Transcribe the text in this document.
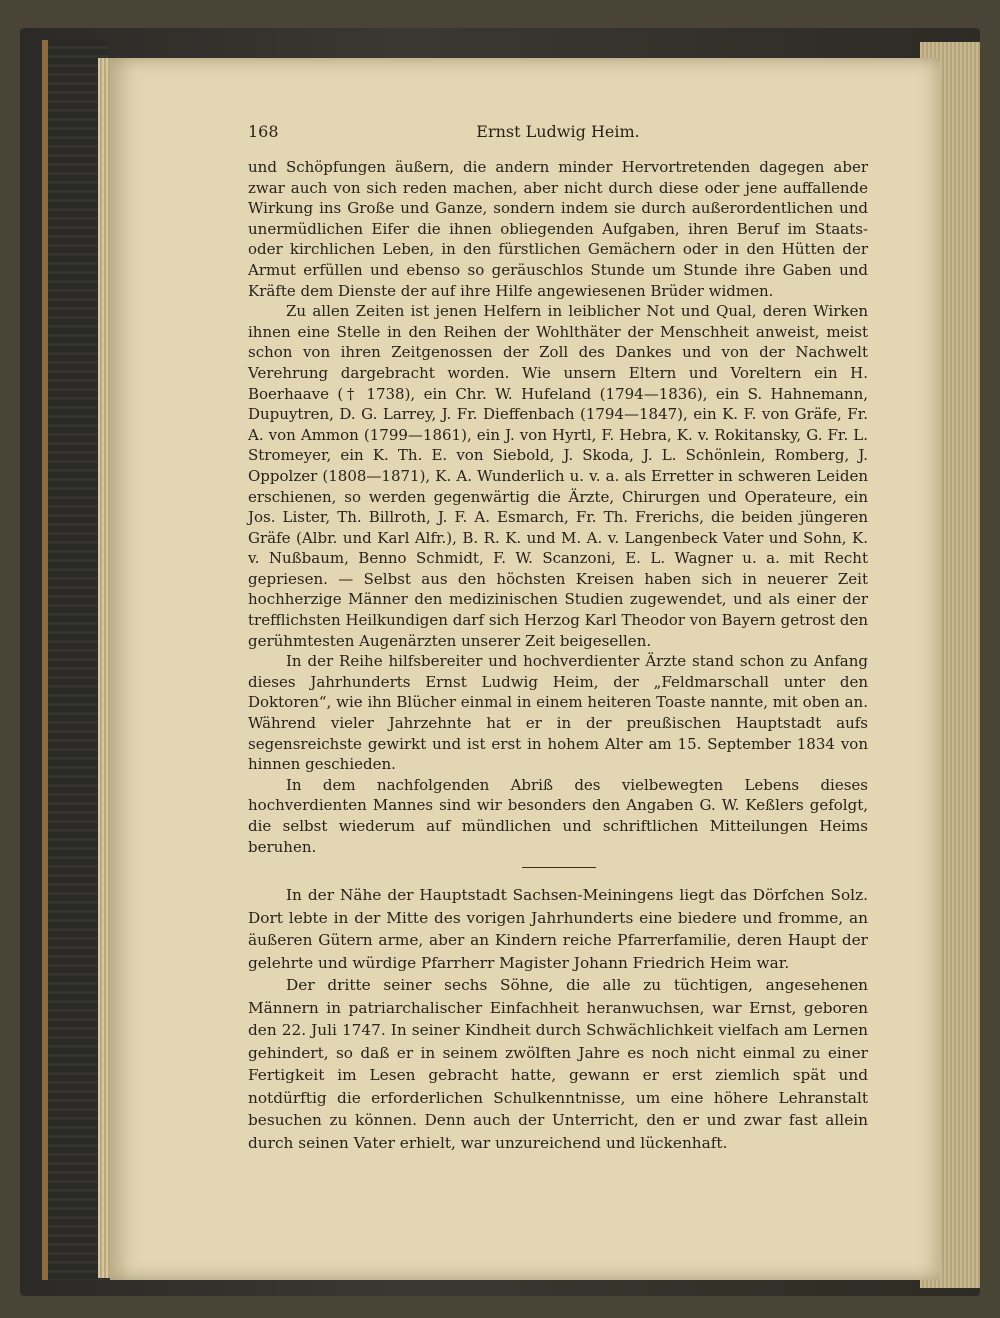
168	Ernst Ludwig Heim.

und Schöpfungen äußern, die andern minder Hervortretenden dagegen aber zwar auch von sich reden machen, aber nicht durch diese oder jene auffallende Wirkung ins Große und Ganze, sondern indem sie durch außerordentlichen und unermüdlichen Eifer die ihnen obliegenden Aufgaben, ihren Beruf im Staats- oder kirchlichen Leben, in den fürstlichen Gemächern oder in den Hütten der Armut erfüllen und ebenso so geräuschlos Stunde um Stunde ihre Gaben und Kräfte dem Dienste der auf ihre Hilfe angewiesenen Brüder widmen.

Zu allen Zeiten ist jenen Helfern in leiblicher Not und Qual, deren Wirken ihnen eine Stelle in den Reihen der Wohlthäter der Menschheit anweist, meist schon von ihren Zeitgenossen der Zoll des Dankes und von der Nachwelt Verehrung dargebracht worden. Wie unsern Eltern und Voreltern ein H. Boerhaave († 1738), ein Chr. W. Hufeland (1794—1836), ein S. Hahnemann, Dupuytren, D. G. Larrey, J. Fr. Dieffenbach (1794—1847), ein K. F. von Gräfe, Fr. A. von Ammon (1799—1861), ein J. von Hyrtl, F. Hebra, K. v. Rokitansky, G. Fr. L. Stromeyer, ein K. Th. E. von Siebold, J. Skoda, J. L. Schönlein, Romberg, J. Oppolzer (1808—1871), K. A. Wunderlich u. v. a. als Erretter in schweren Leiden erschienen, so werden gegenwärtig die Ärzte, Chirurgen und Operateure, ein Jos. Lister, Th. Billroth, J. F. A. Esmarch, Fr. Th. Frerichs, die beiden jüngeren Gräfe (Albr. und Karl Alfr.), B. R. K. und M. A. v. Langenbeck Vater und Sohn, K. v. Nußbaum, Benno Schmidt, F. W. Scanzoni, E. L. Wagner u. a. mit Recht gepriesen. — Selbst aus den höchsten Kreisen haben sich in neuerer Zeit hochherzige Männer den medizinischen Studien zugewendet, und als einer der trefflichsten Heilkundigen darf sich Herzog Karl Theodor von Bayern getrost den gerühmtesten Augenärzten unserer Zeit beigesellen.

In der Reihe hilfsbereiter und hochverdienter Ärzte stand schon zu Anfang dieses Jahrhunderts Ernst Ludwig Heim, der „Feldmarschall unter den Doktoren“, wie ihn Blücher einmal in einem heiteren Toaste nannte, mit oben an. Während vieler Jahrzehnte hat er in der preußischen Hauptstadt aufs segensreichste gewirkt und ist erst in hohem Alter am 15. September 1834 von hinnen geschieden.

In dem nachfolgenden Abriß des vielbewegten Lebens dieses hochverdienten Mannes sind wir besonders den Angaben G. W. Keßlers gefolgt, die selbst wiederum auf mündlichen und schriftlichen Mitteilungen Heims beruhen.

In der Nähe der Hauptstadt Sachsen-Meiningens liegt das Dörfchen Solz. Dort lebte in der Mitte des vorigen Jahrhunderts eine biedere und fromme, an äußeren Gütern arme, aber an Kindern reiche Pfarrerfamilie, deren Haupt der gelehrte und würdige Pfarrherr Magister Johann Friedrich Heim war.

Der dritte seiner sechs Söhne, die alle zu tüchtigen, angesehenen Männern in patriarchalischer Einfachheit heranwuchsen, war Ernst, geboren den 22. Juli 1747. In seiner Kindheit durch Schwächlichkeit vielfach am Lernen gehindert, so daß er in seinem zwölften Jahre es noch nicht einmal zu einer Fertigkeit im Lesen gebracht hatte, gewann er erst ziemlich spät und notdürftig die erforderlichen Schulkenntnisse, um eine höhere Lehranstalt besuchen zu können. Denn auch der Unterricht, den er und zwar fast allein durch seinen Vater erhielt, war unzureichend und lückenhaft.
